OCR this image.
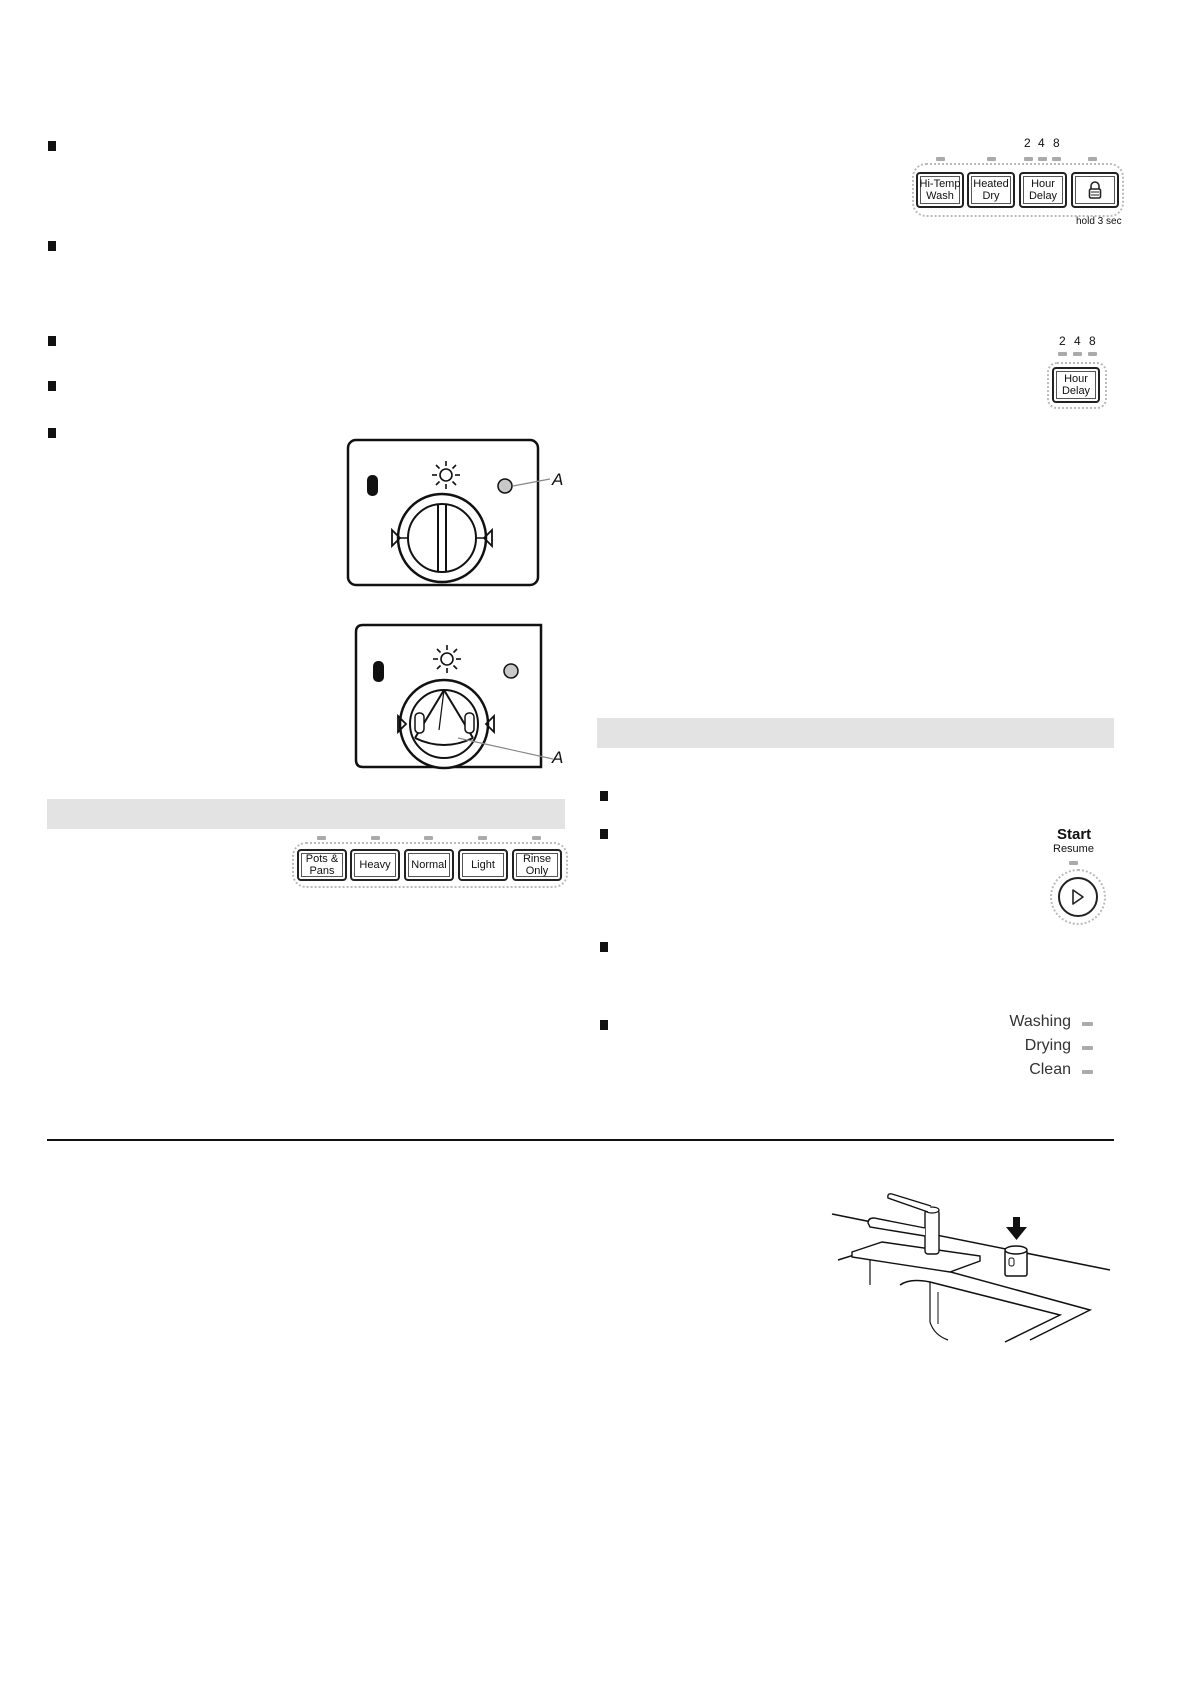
2 4 8
Hi-Temp
Wash
Heated
Dry
Hour
Delay
hold 3 sec
2 4 8
Hour
Delay
A
A
Pots &
Pans	Heavy	Normal	Light	Rinse
Only
Start
Resume
Washing
Drying
Clean
